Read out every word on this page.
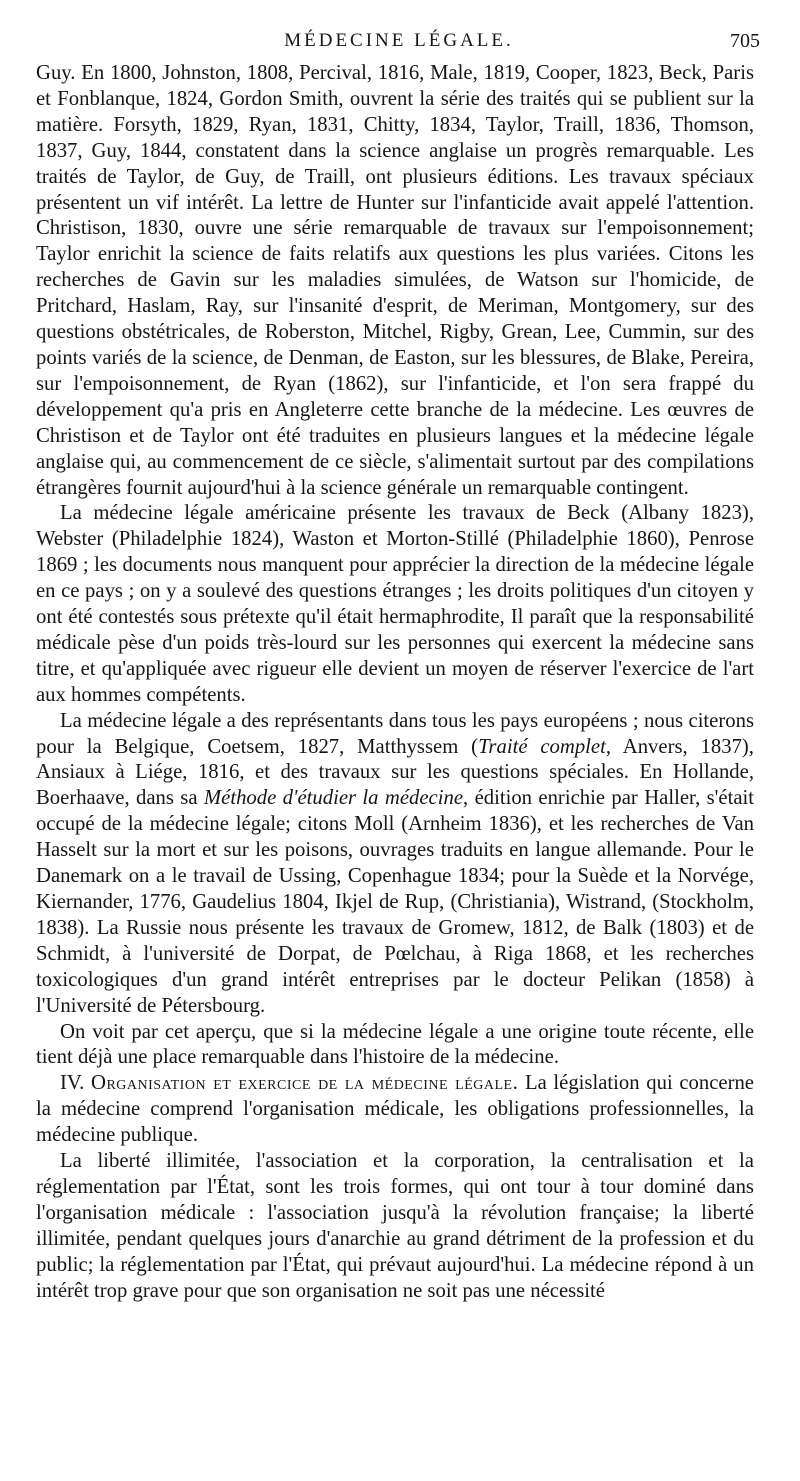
MÉDECINE LÉGALE.	705

Guy. En 1800, Johnston, 1808, Percival, 1816, Male, 1819, Cooper, 1823, Beck, Paris et Fonblanque, 1824, Gordon Smith, ouvrent la série des traités qui se publient sur la matière. Forsyth, 1829, Ryan, 1831, Chitty, 1834, Taylor, Traill, 1836, Thomson, 1837, Guy, 1844, constatent dans la science anglaise un progrès remarquable. Les traités de Taylor, de Guy, de Traill, ont plusieurs éditions. Les travaux spéciaux présentent un vif intérêt. La lettre de Hunter sur l'infanticide avait appelé l'attention. Christison, 1830, ouvre une série remarquable de travaux sur l'empoisonnement; Taylor enrichit la science de faits relatifs aux questions les plus variées. Citons les recherches de Gavin sur les maladies simulées, de Watson sur l'homicide, de Pritchard, Haslam, Ray, sur l'insanité d'esprit, de Meriman, Montgomery, sur des questions obstétricales, de Roberston, Mitchel, Rigby, Grean, Lee, Cummin, sur des points variés de la science, de Denman, de Easton, sur les blessures, de Blake, Pereira, sur l'empoisonnement, de Ryan (1862), sur l'infanticide, et l'on sera frappé du développement qu'a pris en Angleterre cette branche de la médecine. Les œuvres de Christison et de Taylor ont été traduites en plusieurs langues et la médecine légale anglaise qui, au commencement de ce siècle, s'alimentait surtout par des compilations étrangères fournit aujourd'hui à la science générale un remarquable contingent.

La médecine légale américaine présente les travaux de Beck (Albany 1823), Webster (Philadelphie 1824), Waston et Morton-Stillé (Philadelphie 1860), Penrose 1869 ; les documents nous manquent pour apprécier la direction de la médecine légale en ce pays ; on y a soulevé des questions étranges ; les droits politiques d'un citoyen y ont été contestés sous prétexte qu'il était hermaphrodite, Il paraît que la responsabilité médicale pèse d'un poids très-lourd sur les personnes qui exercent la médecine sans titre, et qu'appliquée avec rigueur elle devient un moyen de réserver l'exercice de l'art aux hommes compétents.

La médecine légale a des représentants dans tous les pays européens ; nous citerons pour la Belgique, Coetsem, 1827, Matthyssem (Traité complet, Anvers, 1837), Ansiaux à Liége, 1816, et des travaux sur les questions spéciales. En Hollande, Boerhaave, dans sa Méthode d'étudier la médecine, édition enrichie par Haller, s'était occupé de la médecine légale; citons Moll (Arnheim 1836), et les recherches de Van Hasselt sur la mort et sur les poisons, ouvrages traduits en langue allemande. Pour le Danemark on a le travail de Ussing, Copenhague 1834; pour la Suède et la Norvége, Kiernander, 1776, Gaudelius 1804, Ikjel de Rup, (Christiania), Wistrand, (Stockholm, 1838). La Russie nous présente les travaux de Gromew, 1812, de Balk (1803) et de Schmidt, à l'université de Dorpat, de Pœlchau, à Riga 1868, et les recherches toxicologiques d'un grand intérêt entreprises par le docteur Pelikan (1858) à l'Université de Pétersbourg.

On voit par cet aperçu, que si la médecine légale a une origine toute récente, elle tient déjà une place remarquable dans l'histoire de la médecine.

IV. Organisation et exercice de la médecine légale. La législation qui concerne la médecine comprend l'organisation médicale, les obligations professionnelles, la médecine publique.

La liberté illimitée, l'association et la corporation, la centralisation et la réglementation par l'État, sont les trois formes, qui ont tour à tour dominé dans l'organisation médicale : l'association jusqu'à la révolution française; la liberté illimitée, pendant quelques jours d'anarchie au grand détriment de la profession et du public; la réglementation par l'État, qui prévaut aujourd'hui. La médecine répond à un intérêt trop grave pour que son organisation ne soit pas une nécessité
